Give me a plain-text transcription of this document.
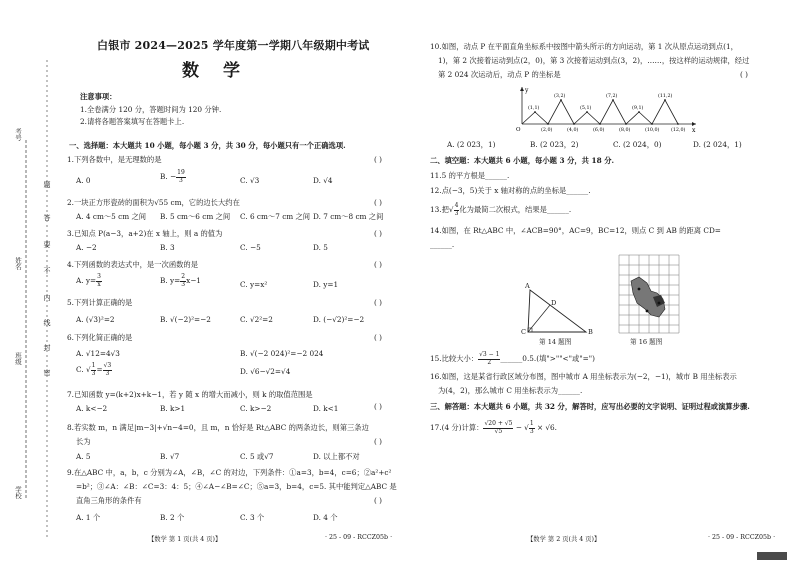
考号
姓名
班级
学校
题
答
要
不
内
线
封
密
白银市 2024—2025 学年度第一学期八年级期中考试
数学
注意事项：
1.全卷满分 120 分，答题时间为 120 分钟.
2.请将各题答案填写在答题卡上.
一、选择题：本大题共 10 小题，每小题 3 分，共 30 分，每小题只有一个正确选项.
1.下列各数中，是无理数的是	( )
A. 0	B. − $\frac{19}{3}$	C. √3	D. √4
2.一块正方形瓷砖的面积为√55 cm，它的边长大约在	( )
A. 4 cm～5 cm 之间 B. 5 cm～6 cm 之间 C. 6 cm～7 cm 之间 D. 7 cm～8 cm 之间
3.已知点 P(a−3，a+2)在 x 轴上，则 a 的值为	( )
A. −2	B. 3	C. −5	D. 5
4.下列函数的表达式中，是一次函数的是	( )
A. $y= \frac{3}{x}$	B. $y= \frac{2}{3} x-1$	C. y=x²	D. y=1
5.下列计算正确的是	( )
A. (√3)²=2	B. √(−2)²=−2	C. √2²=2	D. (−√2)²=−2
6.下列化简正确的是	( )
A. √12=4√3	B. √(−2 024)²=−2 024
C. √ $\frac{1}{3} = \frac{√3}{3}$	D. √6−√2=√4
7.已知函数 y=(k+2)x+k−1，若 y 随 x 的增大而减小，则 k 的取值范围是
( )
A. k<−2	B. k>1	C. k>−2	D. k<1
8.若实数 m，n 满足|m−3|+√n−4=0，且 m，n 恰好是 Rt△ABC 的两条边长，则第三条边
长为	( )
A. 5	B. √7	C. 5 或√7	D. 以上都不对
9.在△ABC 中，a，b，c 分别为∠A，∠B，∠C 的对边，下列条件：①a=3，b=4，c=6；②a²+c²
=b²；③∠A：∠B：∠C=3：4：5；④∠A−∠B=∠C；⑤a=3，b=4，c=5. 其中能判定△ABC 是
直角三角形的条件有	( )
A. 1 个	B. 2 个	C. 3 个	D. 4 个
【数学 第 1 页(共 4 页)】	· 25 - 09 - RCCZ05b ·
10.如图，动点 P 在平面直角坐标系中按图中箭头所示的方向运动，第 1 次从原点运动到点(1，
1)，第 2 次接着运动到点(2，0)，第 3 次接着运动到点(3，2)，……，按这样的运动规律，经过
第 2 024 次运动后，动点 P 的坐标是	( )
O	x
y
(1,1)
(2,0)
(3,2)
(4,0)
(5,1)
(6,0)
(7,2)
(8,0)
(9,1)
(10,0)
(11,2)
(12,0)
A. (2 023，1)	B. (2 023，2)	C. (2 024，0)	D. (2 024，1)
二、填空题：本大题共 6 小题，每小题 3 分，共 18 分.
11.5 的平方根是______.
12.点(−3，5)关于 x 轴对称的点的坐标是______.
13.把√ $\frac{4}{3}$ 化为最简二次根式，结果是______.
14.如图，在 Rt△ABC 中，∠ACB=90°，AC=9，BC=12，则点 C 到 AB 的距离 CD=
______.
A
D
C	B
第 14 题图	第 16 题图
15.比较大小： $\frac{√3 - 1}{2}$ ______0.5.(填">""<"或"=")
16.如图，这是某省行政区域分布图，图中城市 A 用坐标表示为(−2，−1)，城市 B 用坐标表示
为(4，2)，那么城市 C 用坐标表示为______.
三、解答题：本大题共 6 小题，共 32 分，解答时，应写出必要的文字说明、证明过程或演算步骤.
17.(4 分)计算： $\frac{√20 + √5}{√5}$ − √ $\frac{1}{3} \times √6$.
【数学 第 2 页(共 4 页)】	· 25 - 09 - RCCZ05b ·
